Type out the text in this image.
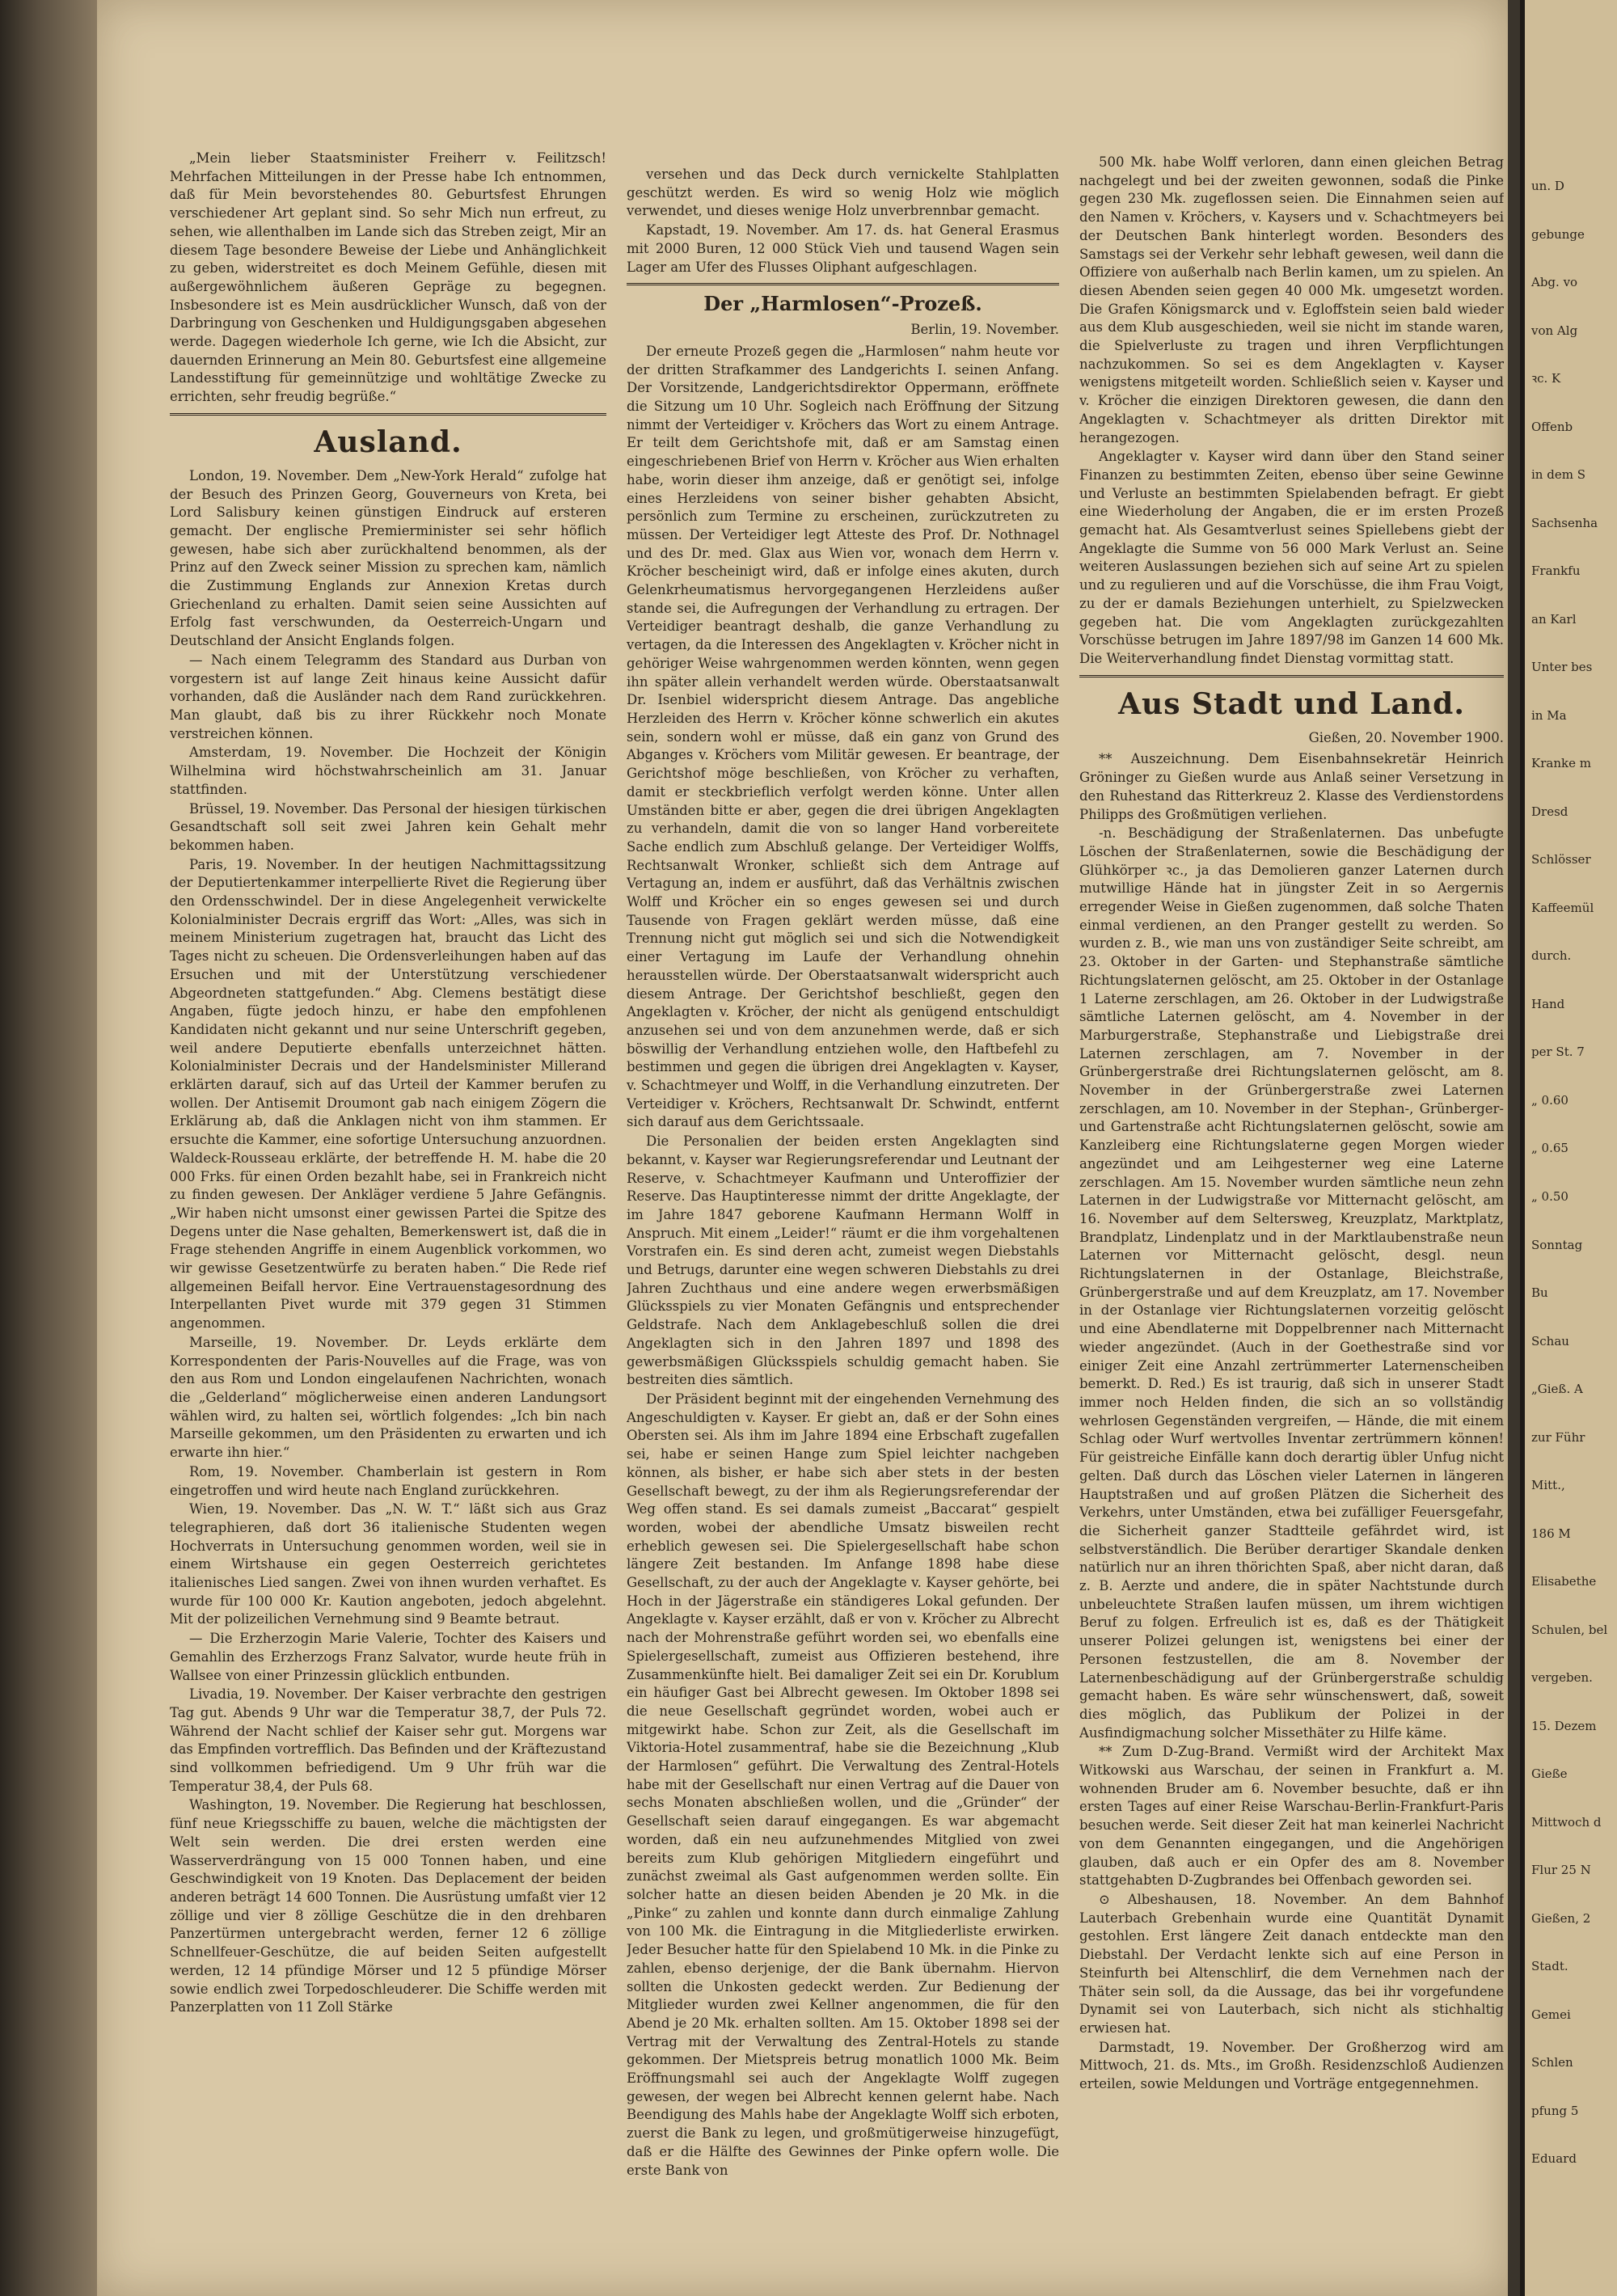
„Mein lieber Staatsminister Freiherr v. Feilitzsch! Mehrfachen Mitteilungen in der Presse habe Ich entnommen, daß für Mein bevorstehendes 80. Geburtsfest Ehrungen verschiedener Art geplant sind. So sehr Mich nun erfreut, zu sehen, wie allenthalben im Lande sich das Streben zeigt, Mir an diesem Tage besondere Beweise der Liebe und Anhänglichkeit zu geben, widerstreitet es doch Meinem Gefühle, diesen mit außergewöhnlichem äußeren Gepräge zu begegnen. Insbesondere ist es Mein ausdrücklicher Wunsch, daß von der Darbringung von Geschenken und Huldigungsgaben abgesehen werde. Dagegen wiederhole Ich gerne, wie Ich die Absicht, zur dauernden Erinnerung an Mein 80. Geburtsfest eine allgemeine Landesstiftung für gemeinnützige und wohltätige Zwecke zu errichten, sehr freudig begrüße.“

Ausland.

London, 19. November. Dem „New-York Herald“ zufolge hat der Besuch des Prinzen Georg, Gouverneurs von Kreta, bei Lord Salisbury keinen günstigen Eindruck auf ersteren gemacht. Der englische Premierminister sei sehr höflich gewesen, habe sich aber zurückhaltend benommen, als der Prinz auf den Zweck seiner Mission zu sprechen kam, nämlich die Zustimmung Englands zur Annexion Kretas durch Griechenland zu erhalten. Damit seien seine Aussichten auf Erfolg fast verschwunden, da Oesterreich-Ungarn und Deutschland der Ansicht Englands folgen.

— Nach einem Telegramm des Standard aus Durban von vorgestern ist auf lange Zeit hinaus keine Aussicht dafür vorhanden, daß die Ausländer nach dem Rand zurückkehren. Man glaubt, daß bis zu ihrer Rückkehr noch Monate verstreichen können.

Amsterdam, 19. November. Die Hochzeit der Königin Wilhelmina wird höchstwahrscheinlich am 31. Januar stattfinden.

Brüssel, 19. November. Das Personal der hiesigen türkischen Gesandtschaft soll seit zwei Jahren kein Gehalt mehr bekommen haben.

Paris, 19. November. In der heutigen Nachmittagssitzung der Deputiertenkammer interpellierte Rivet die Regierung über den Ordensschwindel. Der in diese Angelegenheit verwickelte Kolonialminister Decrais ergriff das Wort: „Alles, was sich in meinem Ministerium zugetragen hat, braucht das Licht des Tages nicht zu scheuen. Die Ordensverleihungen haben auf das Ersuchen und mit der Unterstützung verschiedener Abgeordneten stattgefunden.“ Abg. Clemens bestätigt diese Angaben, fügte jedoch hinzu, er habe den empfohlenen Kandidaten nicht gekannt und nur seine Unterschrift gegeben, weil andere Deputierte ebenfalls unterzeichnet hätten. Kolonialminister Decrais und der Handelsminister Millerand erklärten darauf, sich auf das Urteil der Kammer berufen zu wollen. Der Antisemit Droumont gab nach einigem Zögern die Erklärung ab, daß die Anklagen nicht von ihm stammen. Er ersuchte die Kammer, eine sofortige Untersuchung anzuordnen. Waldeck-Rousseau erklärte, der betreffende H. M. habe die 20 000 Frks. für einen Orden bezahlt habe, sei in Frankreich nicht zu finden gewesen. Der Ankläger verdiene 5 Jahre Gefängnis. „Wir haben nicht umsonst einer gewissen Partei die Spitze des Degens unter die Nase gehalten, Bemerkenswert ist, daß die in Frage stehenden Angriffe in einem Augenblick vorkommen, wo wir gewisse Gesetzentwürfe zu beraten haben.“ Die Rede rief allgemeinen Beifall hervor. Eine Vertrauenstagesordnung des Interpellanten Pivet wurde mit 379 gegen 31 Stimmen angenommen.

Marseille, 19. November. Dr. Leyds erklärte dem Korrespondenten der Paris-Nouvelles auf die Frage, was von den aus Rom und London eingelaufenen Nachrichten, wonach die „Gelderland“ möglicherweise einen anderen Landungsort wählen wird, zu halten sei, wörtlich folgendes: „Ich bin nach Marseille gekommen, um den Präsidenten zu erwarten und ich erwarte ihn hier.“

Rom, 19. November. Chamberlain ist gestern in Rom eingetroffen und wird heute nach England zurückkehren.

Wien, 19. November. Das „N. W. T.“ läßt sich aus Graz telegraphieren, daß dort 36 italienische Studenten wegen Hochverrats in Untersuchung genommen worden, weil sie in einem Wirtshause ein gegen Oesterreich gerichtetes italienisches Lied sangen. Zwei von ihnen wurden verhaftet. Es wurde für 100 000 Kr. Kaution angeboten, jedoch abgelehnt. Mit der polizeilichen Vernehmung sind 9 Beamte betraut.

— Die Erzherzogin Marie Valerie, Tochter des Kaisers und Gemahlin des Erzherzogs Franz Salvator, wurde heute früh in Wallsee von einer Prinzessin glücklich entbunden.

Livadia, 19. November. Der Kaiser verbrachte den gestrigen Tag gut. Abends 9 Uhr war die Temperatur 38,7, der Puls 72. Während der Nacht schlief der Kaiser sehr gut. Morgens war das Empfinden vortrefflich. Das Befinden und der Kräftezustand sind vollkommen befriedigend. Um 9 Uhr früh war die Temperatur 38,4, der Puls 68.

Washington, 19. November. Die Regierung hat beschlossen, fünf neue Kriegsschiffe zu bauen, welche die mächtigsten der Welt sein werden. Die drei ersten werden eine Wasserverdrängung von 15 000 Tonnen haben, und eine Geschwindigkeit von 19 Knoten. Das Deplacement der beiden anderen beträgt 14 600 Tonnen. Die Ausrüstung umfaßt vier 12 zöllige und vier 8 zöllige Geschütze die in den drehbaren Panzertürmen untergebracht werden, ferner 12 6 zöllige Schnellfeuer-Geschütze, die auf beiden Seiten aufgestellt werden, 12 14 pfündige Mörser und 12 5 pfündige Mörser sowie endlich zwei Torpedoschleuderer. Die Schiffe werden mit Panzerplatten von 11 Zoll Stärke

versehen und das Deck durch vernickelte Stahlplatten geschützt werden. Es wird so wenig Holz wie möglich verwendet, und dieses wenige Holz unverbrennbar gemacht.

Kapstadt, 19. November. Am 17. ds. hat General Erasmus mit 2000 Buren, 12 000 Stück Vieh und tausend Wagen sein Lager am Ufer des Flusses Oliphant aufgeschlagen.

Der „Harmlosen“-Prozeß.
Berlin, 19. November.

Der erneute Prozeß gegen die „Harmlosen“ nahm heute vor der dritten Strafkammer des Landgerichts I. seinen Anfang. Der Vorsitzende, Landgerichtsdirektor Oppermann, eröffnete die Sitzung um 10 Uhr. Sogleich nach Eröffnung der Sitzung nimmt der Verteidiger v. Kröchers das Wort zu einem Antrage. Er teilt dem Gerichtshofe mit, daß er am Samstag einen eingeschriebenen Brief von Herrn v. Kröcher aus Wien erhalten habe, worin dieser ihm anzeige, daß er genötigt sei, infolge eines Herzleidens von seiner bisher gehabten Absicht, persönlich zum Termine zu erscheinen, zurückzutreten zu müssen. Der Verteidiger legt Atteste des Prof. Dr. Nothnagel und des Dr. med. Glax aus Wien vor, wonach dem Herrn v. Kröcher bescheinigt wird, daß er infolge eines akuten, durch Gelenkrheumatismus hervorgegangenen Herzleidens außer stande sei, die Aufregungen der Verhandlung zu ertragen. Der Verteidiger beantragt deshalb, die ganze Verhandlung zu vertagen, da die Interessen des Angeklagten v. Kröcher nicht in gehöriger Weise wahrgenommen werden könnten, wenn gegen ihn später allein verhandelt werden würde. Oberstaatsanwalt Dr. Isenbiel widerspricht diesem Antrage. Das angebliche Herzleiden des Herrn v. Kröcher könne schwerlich ein akutes sein, sondern wohl er müsse, daß ein ganz von Grund des Abganges v. Kröchers vom Militär gewesen. Er beantrage, der Gerichtshof möge beschließen, von Kröcher zu verhaften, damit er steckbrieflich verfolgt werden könne. Unter allen Umständen bitte er aber, gegen die drei übrigen Angeklagten zu verhandeln, damit die von so langer Hand vorbereitete Sache endlich zum Abschluß gelange. Der Verteidiger Wolffs, Rechtsanwalt Wronker, schließt sich dem Antrage auf Vertagung an, indem er ausführt, daß das Verhältnis zwischen Wolff und Kröcher ein so enges gewesen sei und durch Tausende von Fragen geklärt werden müsse, daß eine Trennung nicht gut möglich sei und sich die Notwendigkeit einer Vertagung im Laufe der Verhandlung ohnehin herausstellen würde. Der Oberstaatsanwalt widerspricht auch diesem Antrage. Der Gerichtshof beschließt, gegen den Angeklagten v. Kröcher, der nicht als genügend entschuldigt anzusehen sei und von dem anzunehmen werde, daß er sich böswillig der Verhandlung entziehen wolle, den Haftbefehl zu bestimmen und gegen die übrigen drei Angeklagten v. Kayser, v. Schachtmeyer und Wolff, in die Verhandlung einzutreten. Der Verteidiger v. Kröchers, Rechtsanwalt Dr. Schwindt, entfernt sich darauf aus dem Gerichtssaale.

Die Personalien der beiden ersten Angeklagten sind bekannt, v. Kayser war Regierungsreferendar und Leutnant der Reserve, v. Schachtmeyer Kaufmann und Unteroffizier der Reserve. Das Hauptinteresse nimmt der dritte Angeklagte, der im Jahre 1847 geborene Kaufmann Hermann Wolff in Anspruch. Mit einem „Leider!“ räumt er die ihm vorgehaltenen Vorstrafen ein. Es sind deren acht, zumeist wegen Diebstahls und Betrugs, darunter eine wegen schweren Diebstahls zu drei Jahren Zuchthaus und eine andere wegen erwerbsmäßigen Glücksspiels zu vier Monaten Gefängnis und entsprechender Geldstrafe. Nach dem Anklagebeschluß sollen die drei Angeklagten sich in den Jahren 1897 und 1898 des gewerbsmäßigen Glücksspiels schuldig gemacht haben. Sie bestreiten dies sämtlich.

Der Präsident beginnt mit der eingehenden Vernehmung des Angeschuldigten v. Kayser. Er giebt an, daß er der Sohn eines Obersten sei. Als ihm im Jahre 1894 eine Erbschaft zugefallen sei, habe er seinen Hange zum Spiel leichter nachgeben können, als bisher, er habe sich aber stets in der besten Gesellschaft bewegt, zu der ihm als Regierungsreferendar der Weg offen stand. Es sei damals zumeist „Baccarat“ gespielt worden, wobei der abendliche Umsatz bisweilen recht erheblich gewesen sei. Die Spielergesellschaft habe schon längere Zeit bestanden. Im Anfange 1898 habe diese Gesellschaft, zu der auch der Angeklagte v. Kayser gehörte, bei Hoch in der Jägerstraße ein ständigeres Lokal gefunden. Der Angeklagte v. Kayser erzählt, daß er von v. Kröcher zu Albrecht nach der Mohrenstraße geführt worden sei, wo ebenfalls eine Spielergesellschaft, zumeist aus Offizieren bestehend, ihre Zusammenkünfte hielt. Bei damaliger Zeit sei ein Dr. Korublum ein häufiger Gast bei Albrecht gewesen. Im Oktober 1898 sei die neue Gesellschaft gegründet worden, wobei auch er mitgewirkt habe. Schon zur Zeit, als die Gesellschaft im Viktoria-Hotel zusammentraf, habe sie die Bezeichnung „Klub der Harmlosen“ geführt. Die Verwaltung des Zentral-Hotels habe mit der Gesellschaft nur einen Vertrag auf die Dauer von sechs Monaten abschließen wollen, und die „Gründer“ der Gesellschaft seien darauf eingegangen. Es war abgemacht worden, daß ein neu aufzunehmendes Mitglied von zwei bereits zum Klub gehörigen Mitgliedern eingeführt und zunächst zweimal als Gast aufgenommen werden sollte. Ein solcher hatte an diesen beiden Abenden je 20 Mk. in die „Pinke“ zu zahlen und konnte dann durch einmalige Zahlung von 100 Mk. die Eintragung in die Mitgliederliste erwirken. Jeder Besucher hatte für den Spielabend 10 Mk. in die Pinke zu zahlen, ebenso derjenige, der die Bank übernahm. Hiervon sollten die Unkosten gedeckt werden. Zur Bedienung der Mitglieder wurden zwei Kellner angenommen, die für den Abend je 20 Mk. erhalten sollten. Am 15. Oktober 1898 sei der Vertrag mit der Verwaltung des Zentral-Hotels zu stande gekommen. Der Mietspreis betrug monatlich 1000 Mk. Beim Eröffnungsmahl sei auch der Angeklagte Wolff zugegen gewesen, der wegen bei Albrecht kennen gelernt habe. Nach Beendigung des Mahls habe der Angeklagte Wolff sich erboten, zuerst die Bank zu legen, und großmütigerweise hinzugefügt, daß er die Hälfte des Gewinnes der Pinke opfern wolle. Die erste Bank von

500 Mk. habe Wolff verloren, dann einen gleichen Betrag nachgelegt und bei der zweiten gewonnen, sodaß die Pinke gegen 230 Mk. zugeflossen seien. Die Einnahmen seien auf den Namen v. Kröchers, v. Kaysers und v. Schachtmeyers bei der Deutschen Bank hinterlegt worden. Besonders des Samstags sei der Verkehr sehr lebhaft gewesen, weil dann die Offiziere von außerhalb nach Berlin kamen, um zu spielen. An diesen Abenden seien gegen 40 000 Mk. umgesetzt worden. Die Grafen Königsmarck und v. Egloffstein seien bald wieder aus dem Klub ausgeschieden, weil sie nicht im stande waren, die Spielverluste zu tragen und ihren Verpflichtungen nachzukommen. So sei es dem Angeklagten v. Kayser wenigstens mitgeteilt worden. Schließlich seien v. Kayser und v. Kröcher die einzigen Direktoren gewesen, die dann den Angeklagten v. Schachtmeyer als dritten Direktor mit herangezogen.

Angeklagter v. Kayser wird dann über den Stand seiner Finanzen zu bestimmten Zeiten, ebenso über seine Gewinne und Verluste an bestimmten Spielabenden befragt. Er giebt eine Wiederholung der Angaben, die er im ersten Prozeß gemacht hat. Als Gesamtverlust seines Spiellebens giebt der Angeklagte die Summe von 56 000 Mark Verlust an. Seine weiteren Auslassungen beziehen sich auf seine Art zu spielen und zu regulieren und auf die Vorschüsse, die ihm Frau Voigt, zu der er damals Beziehungen unterhielt, zu Spielzwecken gegeben hat. Die vom Angeklagten zurückgezahlten Vorschüsse betrugen im Jahre 1897/98 im Ganzen 14 600 Mk. Die Weiterverhandlung findet Dienstag vormittag statt.

Aus Stadt und Land.
Gießen, 20. November 1900.

** Auszeichnung. Dem Eisenbahnsekretär Heinrich Gröninger zu Gießen wurde aus Anlaß seiner Versetzung in den Ruhestand das Ritterkreuz 2. Klasse des Verdienstordens Philipps des Großmütigen verliehen.

-n. Beschädigung der Straßenlaternen. Das unbefugte Löschen der Straßenlaternen, sowie die Beschädigung der Glühkörper ꝛc., ja das Demolieren ganzer Laternen durch mutwillige Hände hat in jüngster Zeit in so Aergernis erregender Weise in Gießen zugenommen, daß solche Thaten einmal verdienen, an den Pranger gestellt zu werden. So wurden z. B., wie man uns von zuständiger Seite schreibt, am 23. Oktober in der Garten- und Stephanstraße sämtliche Richtungslaternen gelöscht, am 25. Oktober in der Ostanlage 1 Laterne zerschlagen, am 26. Oktober in der Ludwigstraße sämtliche Laternen gelöscht, am 4. November in der Marburgerstraße, Stephanstraße und Liebigstraße drei Laternen zerschlagen, am 7. November in der Grünbergerstraße drei Richtungslaternen gelöscht, am 8. November in der Grünbergerstraße zwei Laternen zerschlagen, am 10. November in der Stephan-, Grünberger- und Gartenstraße acht Richtungslaternen gelöscht, sowie am Kanzleiberg eine Richtungslaterne gegen Morgen wieder angezündet und am Leihgesterner weg eine Laterne zerschlagen. Am 15. November wurden sämtliche neun zehn Laternen in der Ludwigstraße vor Mitternacht gelöscht, am 16. November auf dem Seltersweg, Kreuzplatz, Marktplatz, Brandplatz, Lindenplatz und in der Marktlaubenstraße neun Laternen vor Mitternacht gelöscht, desgl. neun Richtungslaternen in der Ostanlage, Bleichstraße, Grünbergerstraße und auf dem Kreuzplatz, am 17. November in der Ostanlage vier Richtungslaternen vorzeitig gelöscht und eine Abendlaterne mit Doppelbrenner nach Mitternacht wieder angezündet. (Auch in der Goethestraße sind vor einiger Zeit eine Anzahl zertrümmerter Laternenscheiben bemerkt. D. Red.) Es ist traurig, daß sich in unserer Stadt immer noch Helden finden, die sich an so vollständig wehrlosen Gegenständen vergreifen, — Hände, die mit einem Schlag oder Wurf wertvolles Inventar zertrümmern können! Für geistreiche Einfälle kann doch derartig übler Unfug nicht gelten. Daß durch das Löschen vieler Laternen in längeren Hauptstraßen und auf großen Plätzen die Sicherheit des Verkehrs, unter Umständen, etwa bei zufälliger Feuersgefahr, die Sicherheit ganzer Stadtteile gefährdet wird, ist selbstverständlich. Die Berüber derartiger Skandale denken natürlich nur an ihren thörichten Spaß, aber nicht daran, daß z. B. Aerzte und andere, die in später Nachtstunde durch unbeleuchtete Straßen laufen müssen, um ihrem wichtigen Beruf zu folgen. Erfreulich ist es, daß es der Thätigkeit unserer Polizei gelungen ist, wenigstens bei einer der Personen festzustellen, die am 8. November der Laternenbeschädigung auf der Grünbergerstraße schuldig gemacht haben. Es wäre sehr wünschenswert, daß, soweit dies möglich, das Publikum der Polizei in der Ausfindigmachung solcher Missethäter zu Hilfe käme.

** Zum D-Zug-Brand. Vermißt wird der Architekt Max Witkowski aus Warschau, der seinen in Frankfurt a. M. wohnenden Bruder am 6. November besuchte, daß er ihn ersten Tages auf einer Reise Warschau-Berlin-Frankfurt-Paris besuchen werde. Seit dieser Zeit hat man keinerlei Nachricht von dem Genannten eingegangen, und die Angehörigen glauben, daß auch er ein Opfer des am 8. November stattgehabten D-Zugbrandes bei Offenbach geworden sei.

⊙ Albeshausen, 18. November. An dem Bahnhof Lauterbach Grebenhain wurde eine Quantität Dynamit gestohlen. Erst längere Zeit danach entdeckte man den Diebstahl. Der Verdacht lenkte sich auf eine Person in Steinfurth bei Altenschlirf, die dem Vernehmen nach der Thäter sein soll, da die Aussage, das bei ihr vorgefundene Dynamit sei von Lauterbach, sich nicht als stichhaltig erwiesen hat.

Darmstadt, 19. November. Der Großherzog wird am Mittwoch, 21. ds. Mts., im Großh. Residenzschloß Audienzen erteilen, sowie Meldungen und Vorträge entgegennehmen.

un. D
gebunge
Abg. vo
von Alg
ꝛc. K
Offenb
in dem S
Sachsenha
Frankfu
an Karl
Unter bes
in Ma
Kranke m
Dresd
Schlösser
Kaffeemül
durch.
Hand
per St. 7
„ 0.60
„ 0.65
„ 0.50
Sonntag
Bu
Schau
„Gieß. A
zur Führ
Mitt.,
186 M
Elisabethe
Schulen, bel
vergeben.
15. Dezem
Gieße
Mittwoch d
Flur 25 N
Gießen, 2
Stadt.
Gemei
Schlen
pfung 5
Eduard
